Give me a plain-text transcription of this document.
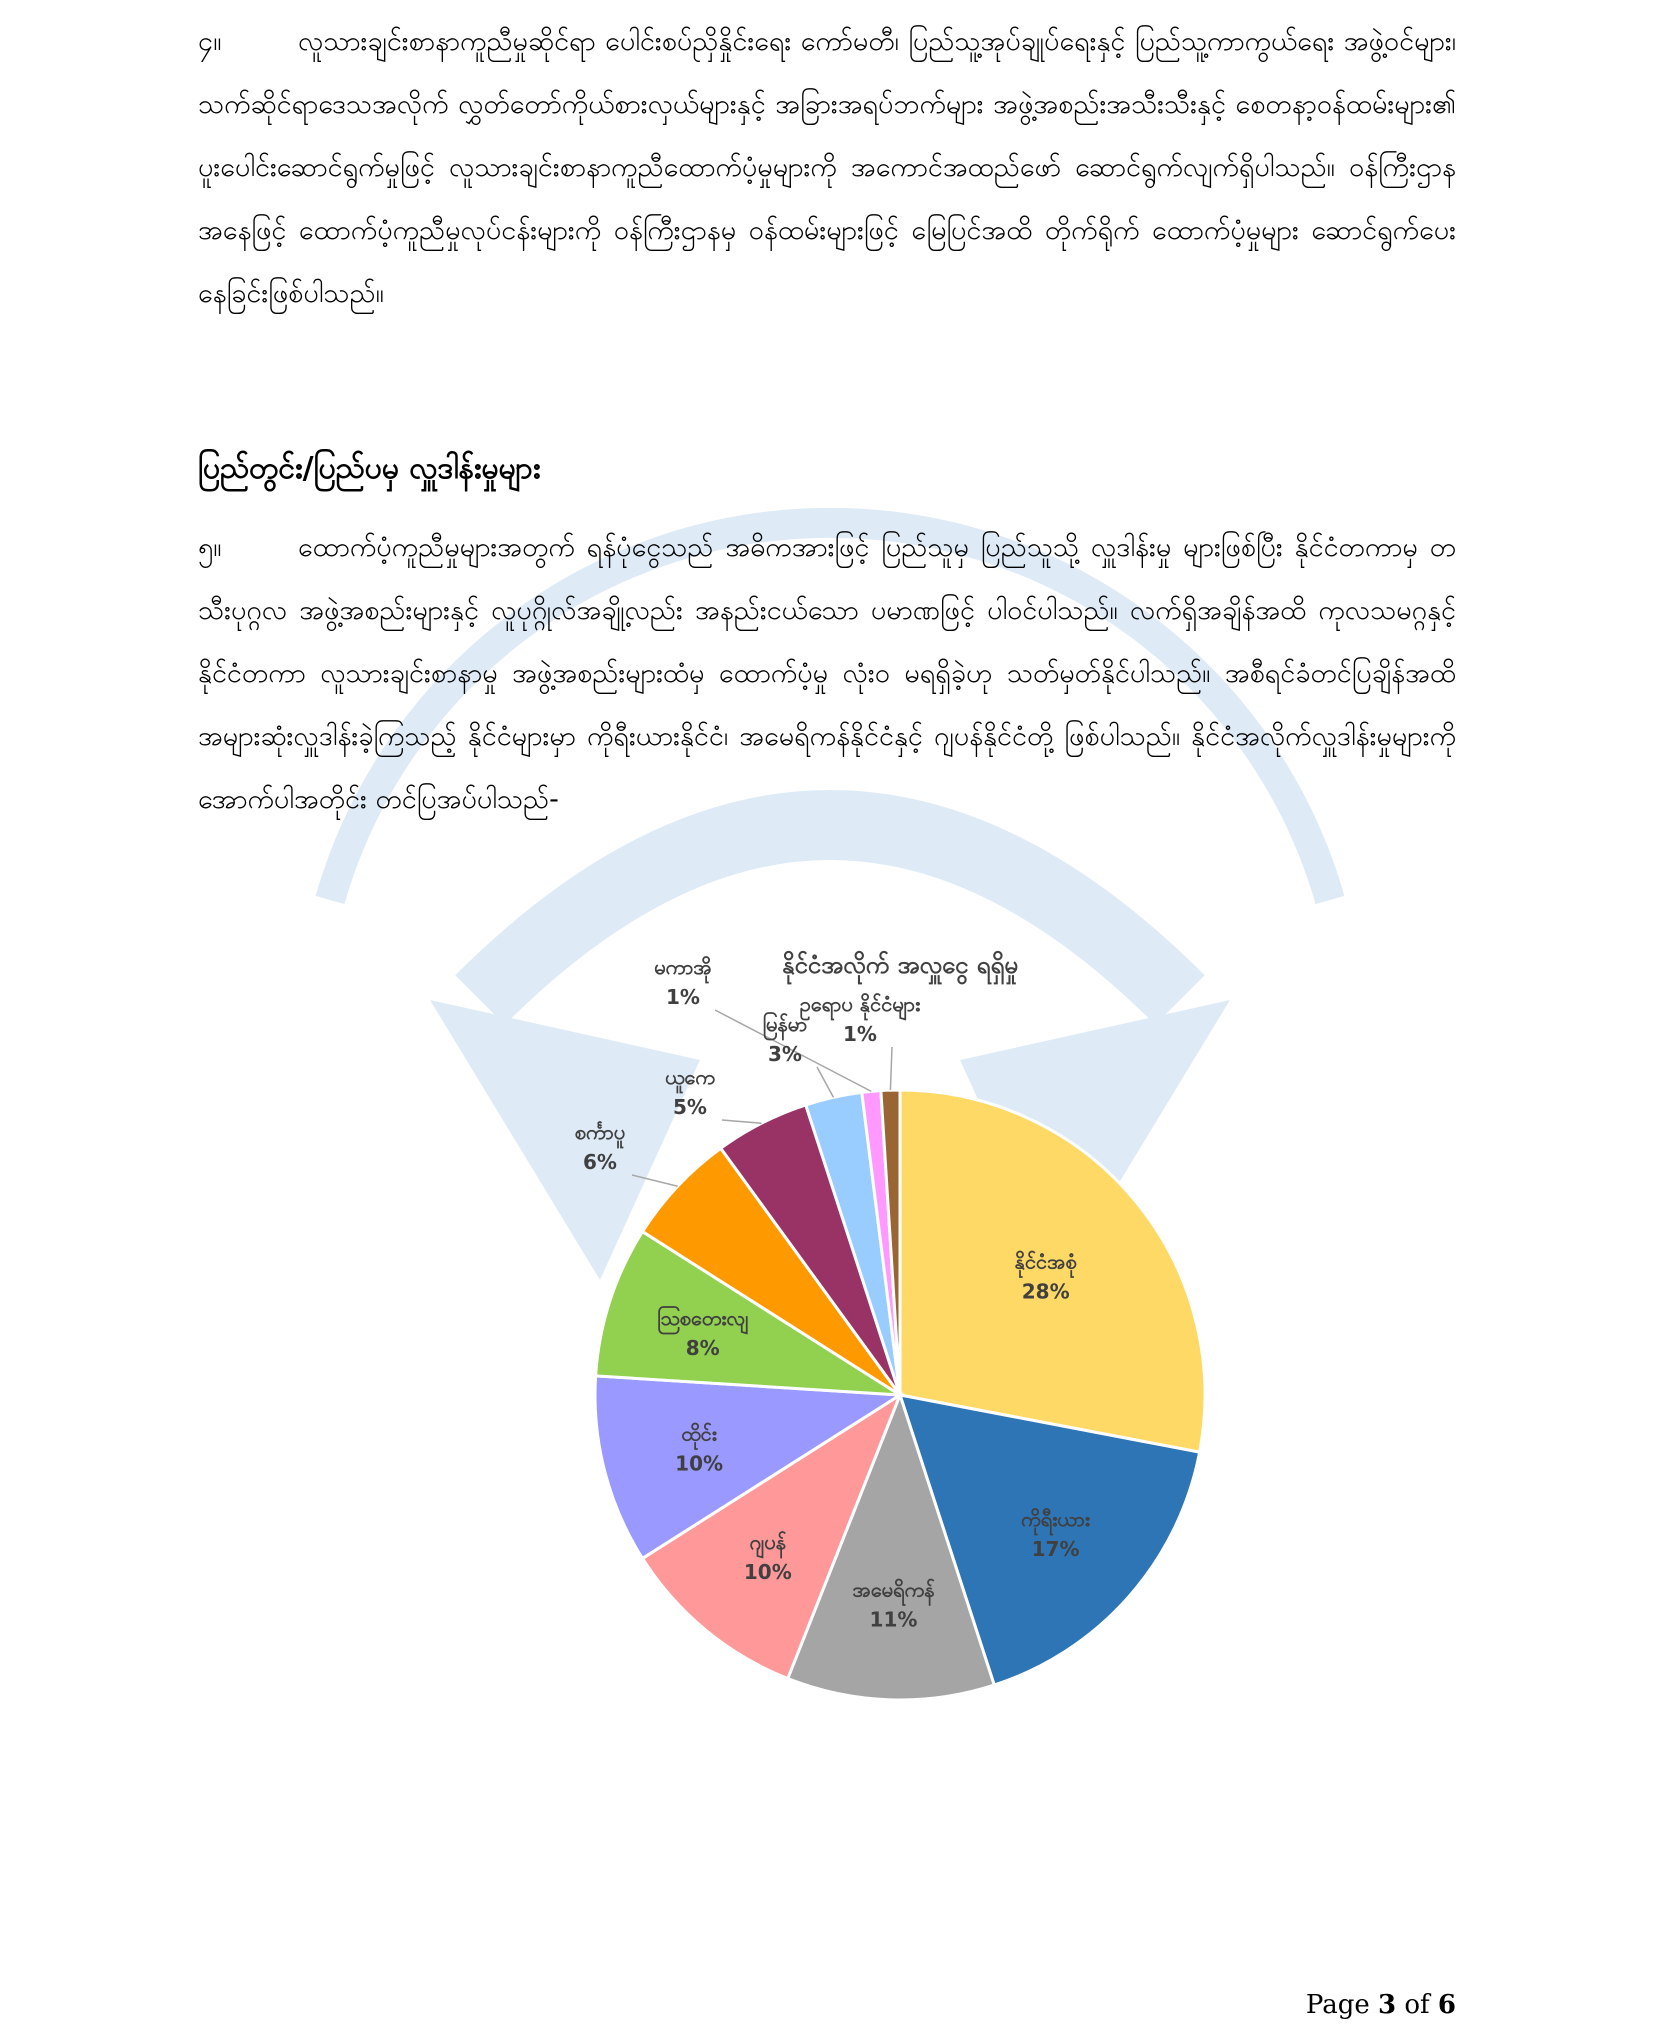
၄။	လူသားချင်းစာနာကူညီမှုဆိုင်ရာ ပေါင်းစပ်ညှိနှိုင်းရေး ကော်မတီ၊ ပြည်သူ့အုပ်ချုပ်ရေးနှင့် ပြည်သူ့ကာကွယ်ရေး အဖွဲ့ဝင်များ၊ သက်ဆိုင်ရာဒေသအလိုက် လွှတ်တော်ကိုယ်စားလှယ်များနှင့် အခြားအရပ်ဘက်များ အဖွဲ့အစည်းအသီးသီးနှင့် စေတနာ့ဝန်ထမ်းများ၏ ပူးပေါင်းဆောင်ရွက်မှုဖြင့် လူသားချင်းစာနာကူညီထောက်ပံ့မှုများကို အကောင်အထည်ဖော် ဆောင်ရွက်လျက်ရှိပါသည်။ ဝန်ကြီးဌာနအနေဖြင့် ထောက်ပံ့ကူညီမှုလုပ်ငန်းများကို ဝန်ကြီးဌာနမှ ဝန်ထမ်းများဖြင့် မြေပြင်အထိ တိုက်ရိုက် ထောက်ပံ့မှုများ ဆောင်ရွက်ပေးနေခြင်းဖြစ်ပါသည်။

ပြည်တွင်း/ပြည်ပမှ လှူဒါန်းမှုများ

၅။	ထောက်ပံ့ကူညီမှုများအတွက် ရန်ပုံငွေသည် အဓိကအားဖြင့် ပြည်သူမှ ပြည်သူသို့ လှူဒါန်းမှု များဖြစ်ပြီး နိုင်ငံတကာမှ တသီးပုဂ္ဂလ အဖွဲ့အစည်းများနှင့် လူပုဂ္ဂိုလ်အချို့လည်း အနည်းငယ်သော ပမာဏဖြင့် ပါဝင်ပါသည်။ လက်ရှိအချိန်အထိ ကုလသမဂ္ဂနှင့် နိုင်ငံတကာ လူသားချင်းစာနာမှု အဖွဲ့အစည်းများထံမှ ထောက်ပံ့မှု လုံးဝ မရရှိခဲ့ဟု သတ်မှတ်နိုင်ပါသည်။ အစီရင်ခံတင်ပြချိန်အထိ အများဆုံးလှူဒါန်းခဲ့ကြသည့် နိုင်ငံများမှာ ကိုရီးယားနိုင်ငံ၊ အမေရိကန်နိုင်ငံနှင့် ဂျပန်နိုင်ငံတို့ ဖြစ်ပါသည်။ နိုင်ငံအလိုက်လှူဒါန်းမှုများကို အောက်ပါအတိုင်း တင်ပြအပ်ပါသည်-

နိုင်ငံအလိုက် အလှူငွေ ရရှိမှု
နိုင်ငံအစုံ
28%
ကိုရီးယား
17%
အမေရိကန်
11%
ဂျပန်
10%
ထိုင်း
10%
သြစတေးလျ
8%
စင်္ကာပူ
6%
ယူကေ
5%
မြန်မာ
3%
မကာအို
1%	ဥရောပ နိုင်ငံများ
1%
Page 3 of 6
